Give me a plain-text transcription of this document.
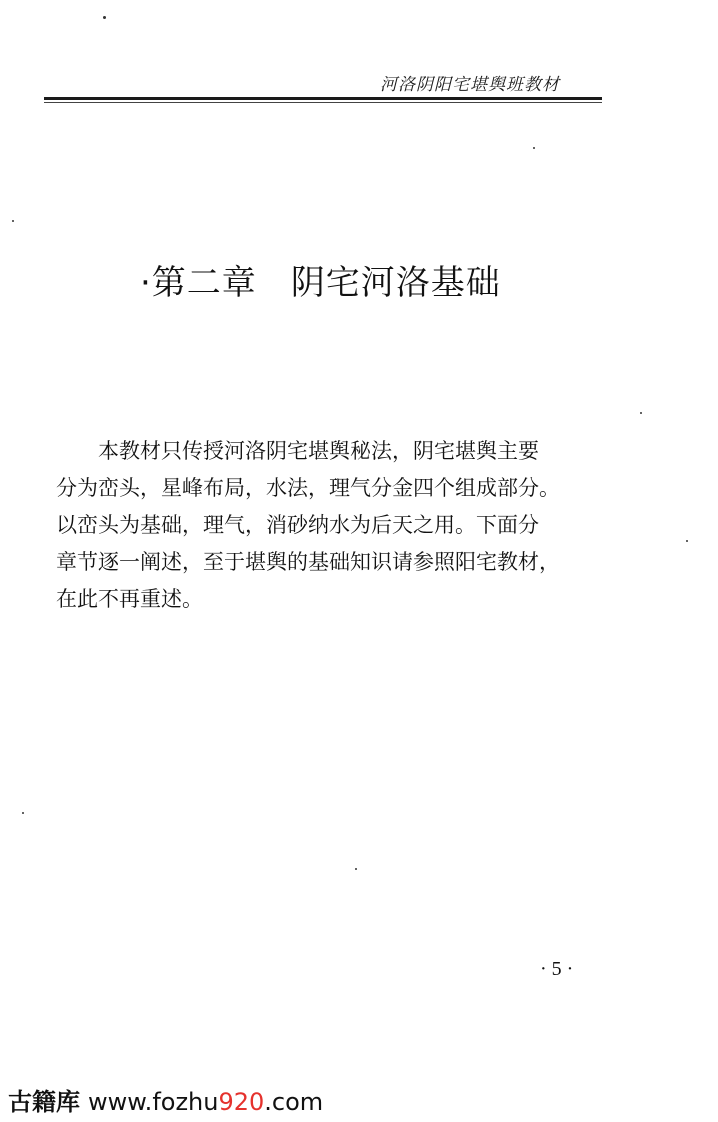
河洛阴阳宅堪舆班教材
·第二章 阴宅河洛基础

本教材只传授河洛阴宅堪舆秘法，阴宅堪舆主要

分为峦头，星峰布局，水法，理气分金四个组成部分。

以峦头为基础，理气，消砂纳水为后天之用。下面分

章节逐一阐述，至于堪舆的基础知识请参照阳宅教材，

在此不再重述。

· 5 ·
古籍库 www.fozhu920.com
